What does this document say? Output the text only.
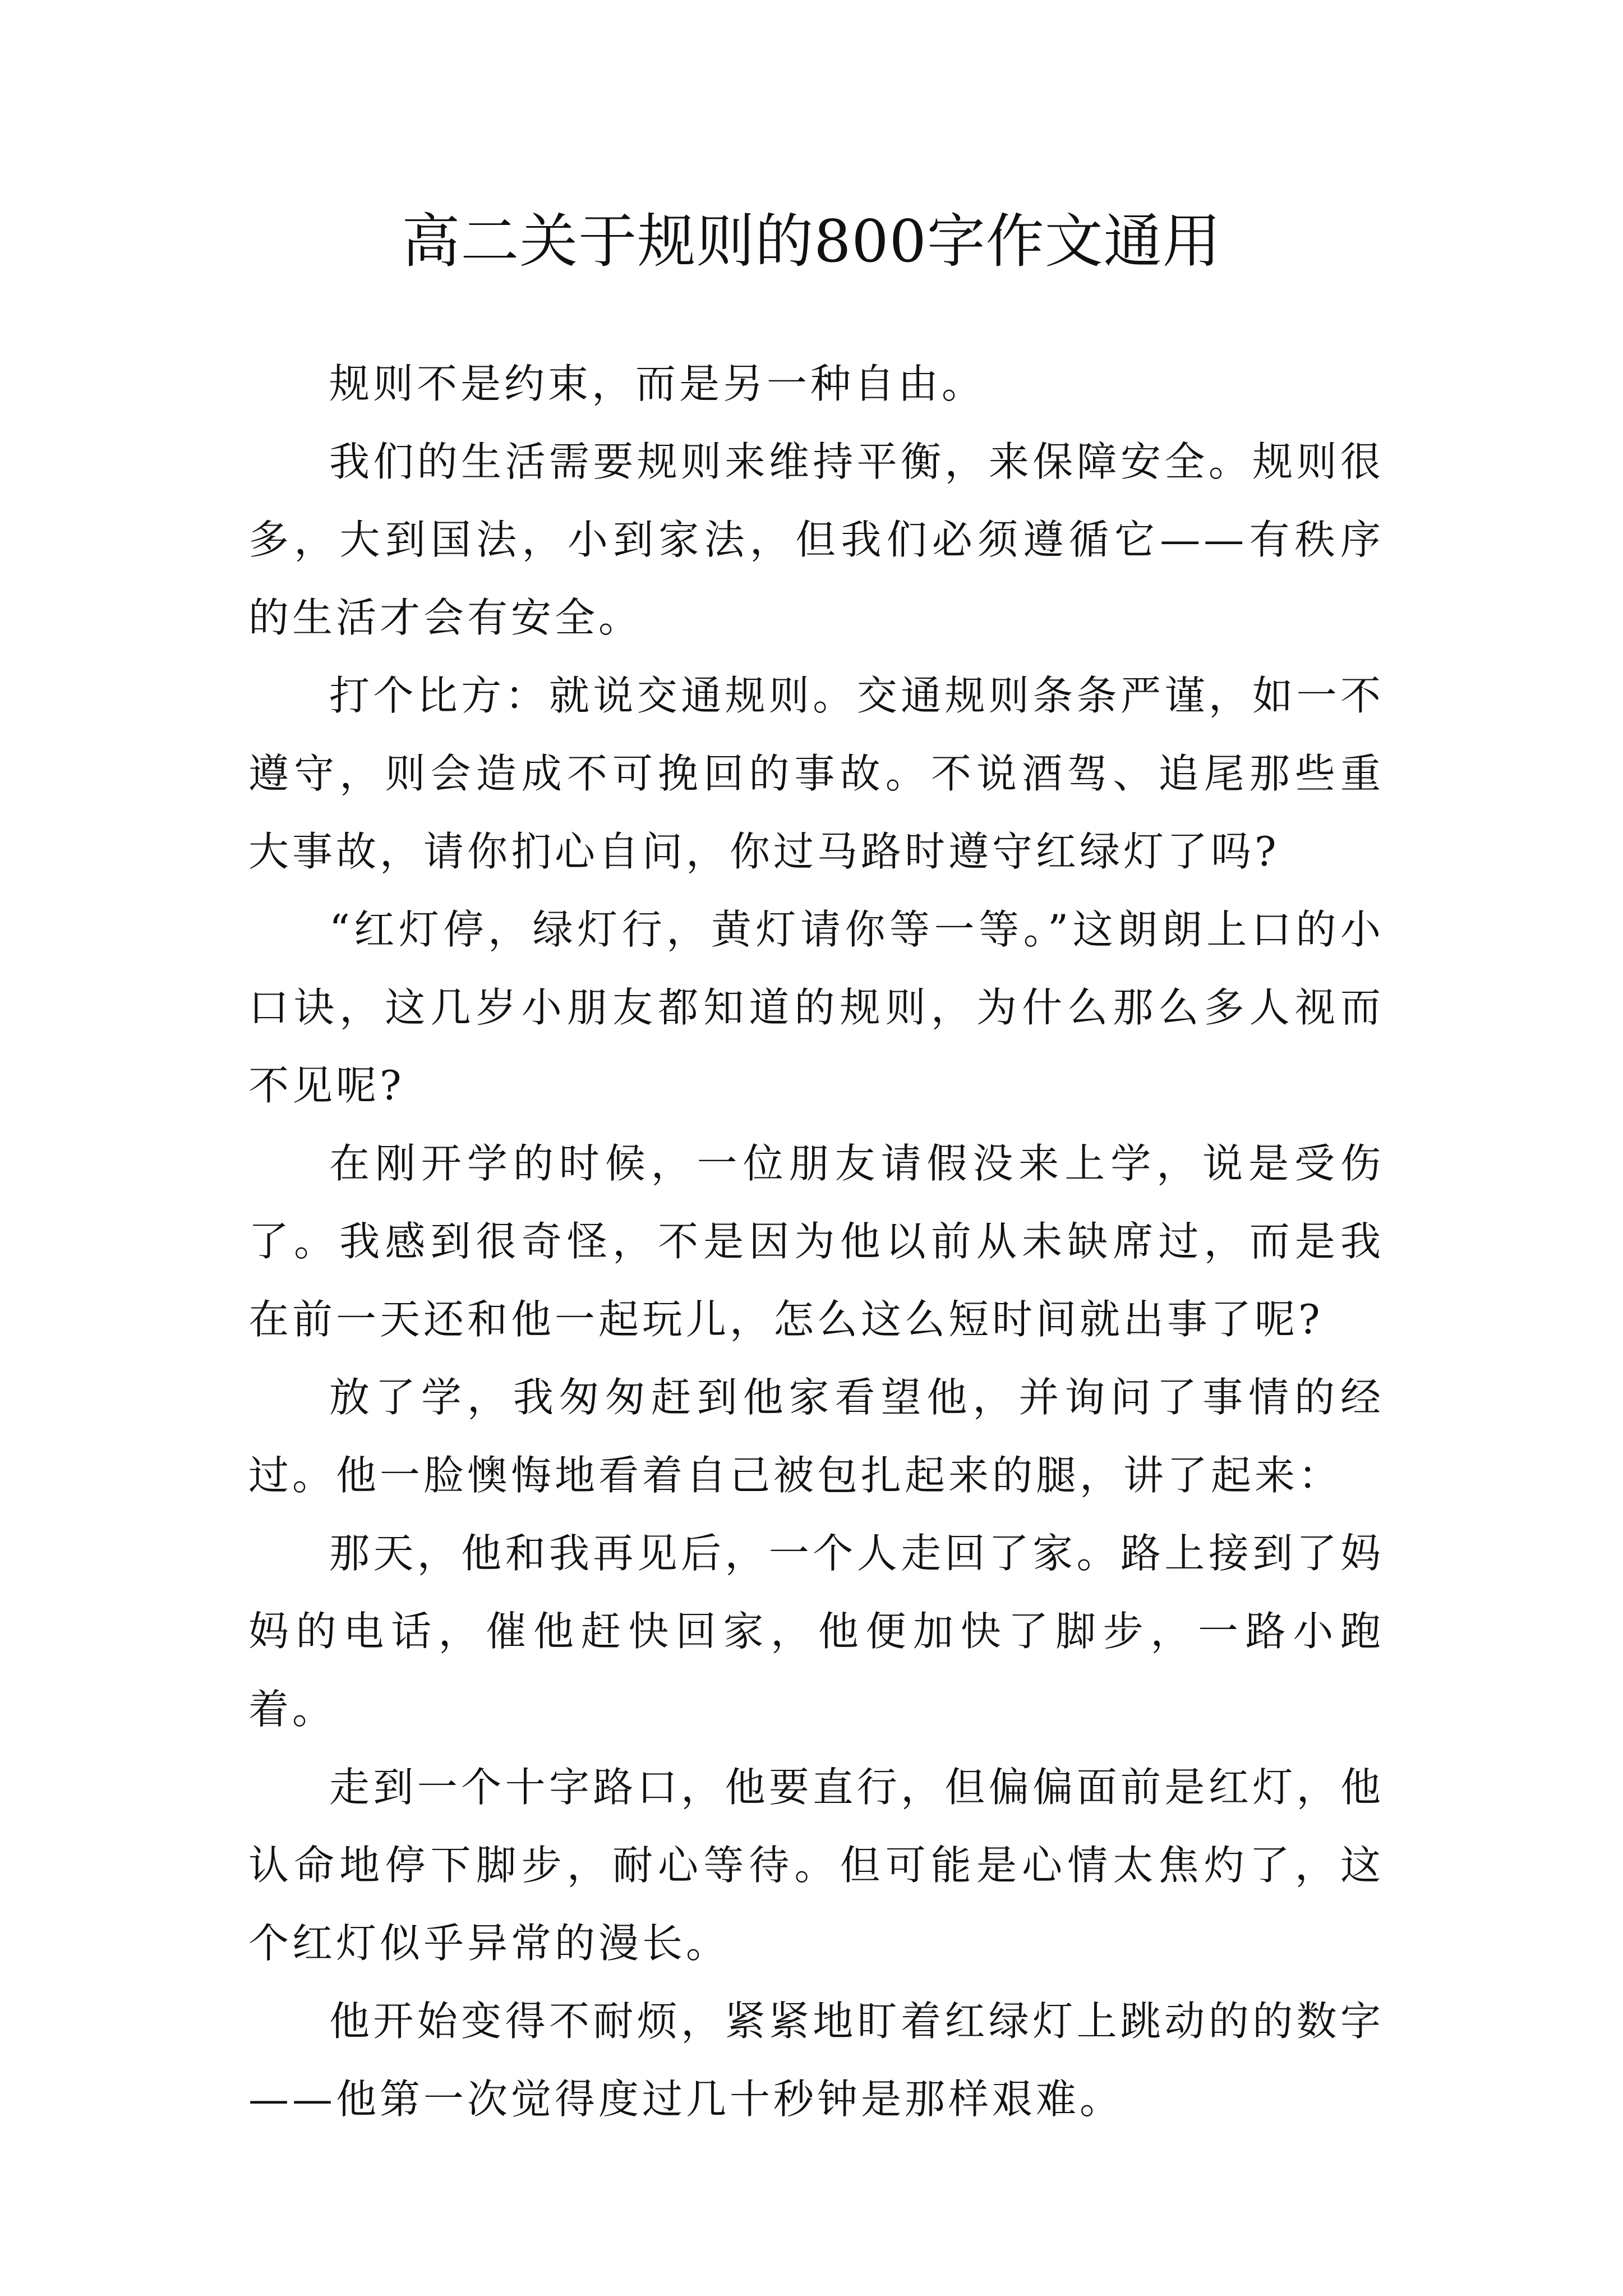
高二关于规则的800字作文通用

规则不是约束，而是另一种自由。

我们的生活需要规则来维持平衡，来保障安全。规则很多，大到国法，小到家法，但我们必须遵循它——有秩序的生活才会有安全。

打个比方：就说交通规则。交通规则条条严谨，如一不遵守，则会造成不可挽回的事故。不说酒驾、追尾那些重大事故，请你扪心自问，你过马路时遵守红绿灯了吗?

“红灯停，绿灯行，黄灯请你等一等。”这朗朗上口的小口诀，这几岁小朋友都知道的规则，为什么那么多人视而不见呢?

在刚开学的时候，一位朋友请假没来上学，说是受伤了。我感到很奇怪，不是因为他以前从未缺席过，而是我在前一天还和他一起玩儿，怎么这么短时间就出事了呢?

放了学，我匆匆赶到他家看望他，并询问了事情的经过。他一脸懊悔地看着自己被包扎起来的腿，讲了起来：

那天，他和我再见后，一个人走回了家。路上接到了妈妈的电话，催他赶快回家，他便加快了脚步，一路小跑着。

走到一个十字路口，他要直行，但偏偏面前是红灯，他认命地停下脚步，耐心等待。但可能是心情太焦灼了，这个红灯似乎异常的漫长。

他开始变得不耐烦，紧紧地盯着红绿灯上跳动的的数字——他第一次觉得度过几十秒钟是那样艰难。
